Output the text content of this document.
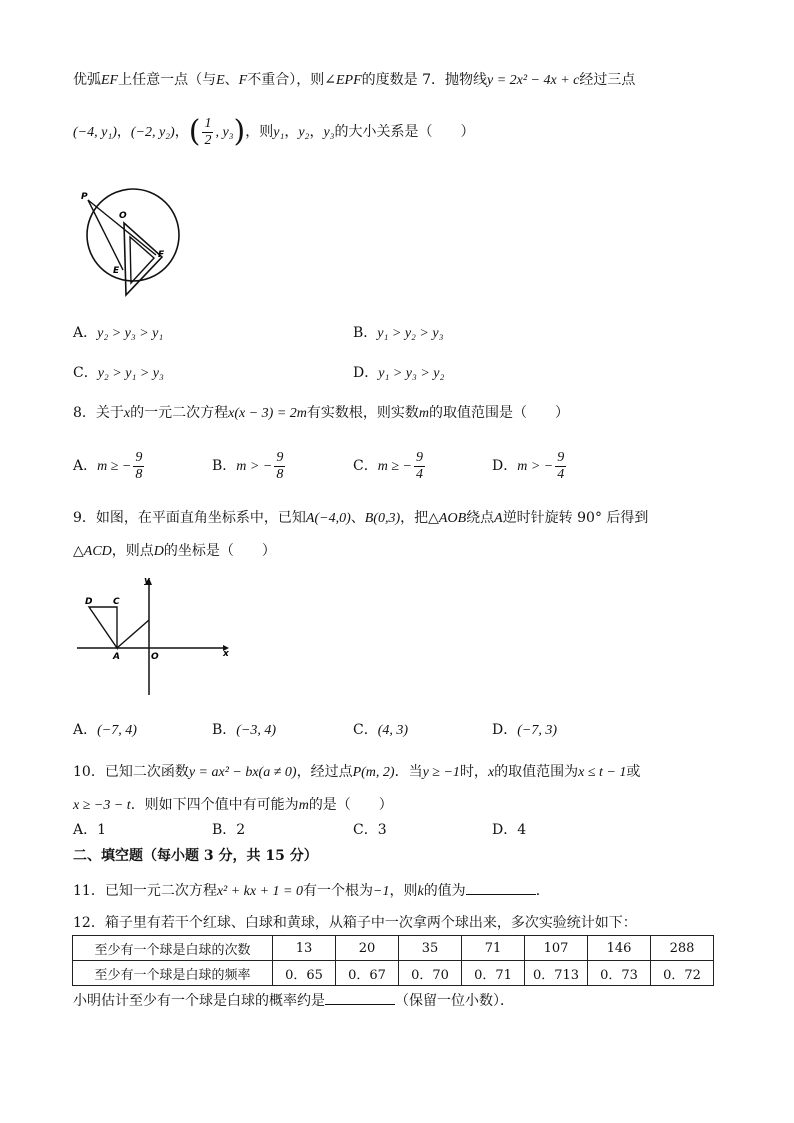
优弧EF上任意一点（与E、F不重合），则∠EPF的度数是 7．抛物线y = 2x² − 4x + c经过三点
(−4, y₁)，(−2, y₂)，( $\frac{1}{2}$ , y₃)，则y₁，y₂，y₃的大小关系是（　　）
P
O
E
F
A．y₂ > y₃ > y₁	B．y₁ > y₂ > y₃
C．y₂ > y₁ > y₃	D．y₁ > y₃ > y₂
8．关于x的一元二次方程x(x − 3) = 2m有实数根，则实数m的取值范围是（　　）
A．m ≥ − $\frac{9}{8}$	B．m > − $\frac{9}{8}$	C．m ≥ − $\frac{9}{4}$	D．m > − $\frac{9}{4}$
9．如图，在平面直角坐标系中，已知A(−4,0)、B(0,3)，把△AOB绕点A逆时针旋转 90° 后得到
△ACD，则点D的坐标是（　　）
D C
A	O
y
x
A．(−7, 4)	B．(−3, 4)	C．(4, 3)	D．(−7, 3)
10．已知二次函数y = ax² − bx(a ≠ 0)，经过点P(m, 2)．当y ≥ −1时，x的取值范围为x ≤ t − 1或
x ≥ −3 − t．则如下四个值中有可能为m的是（　　）
A．1	B．2	C．3	D．4
二、填空题（每小题 3 分，共 15 分）
11．已知一元二次方程x² + kx + 1 = 0有一个根为−1，则k的值为	．
12．箱子里有若干个红球、白球和黄球，从箱子中一次拿两个球出来，多次实验统计如下：
至少有一个球是白球的次数	13	20	35	71	107	146	288
至少有一个球是白球的频率	0．65	0．67	0．70	0．71	0．713	0．73	0．72
小明估计至少有一个球是白球的概率约是	（保留一位小数）．
